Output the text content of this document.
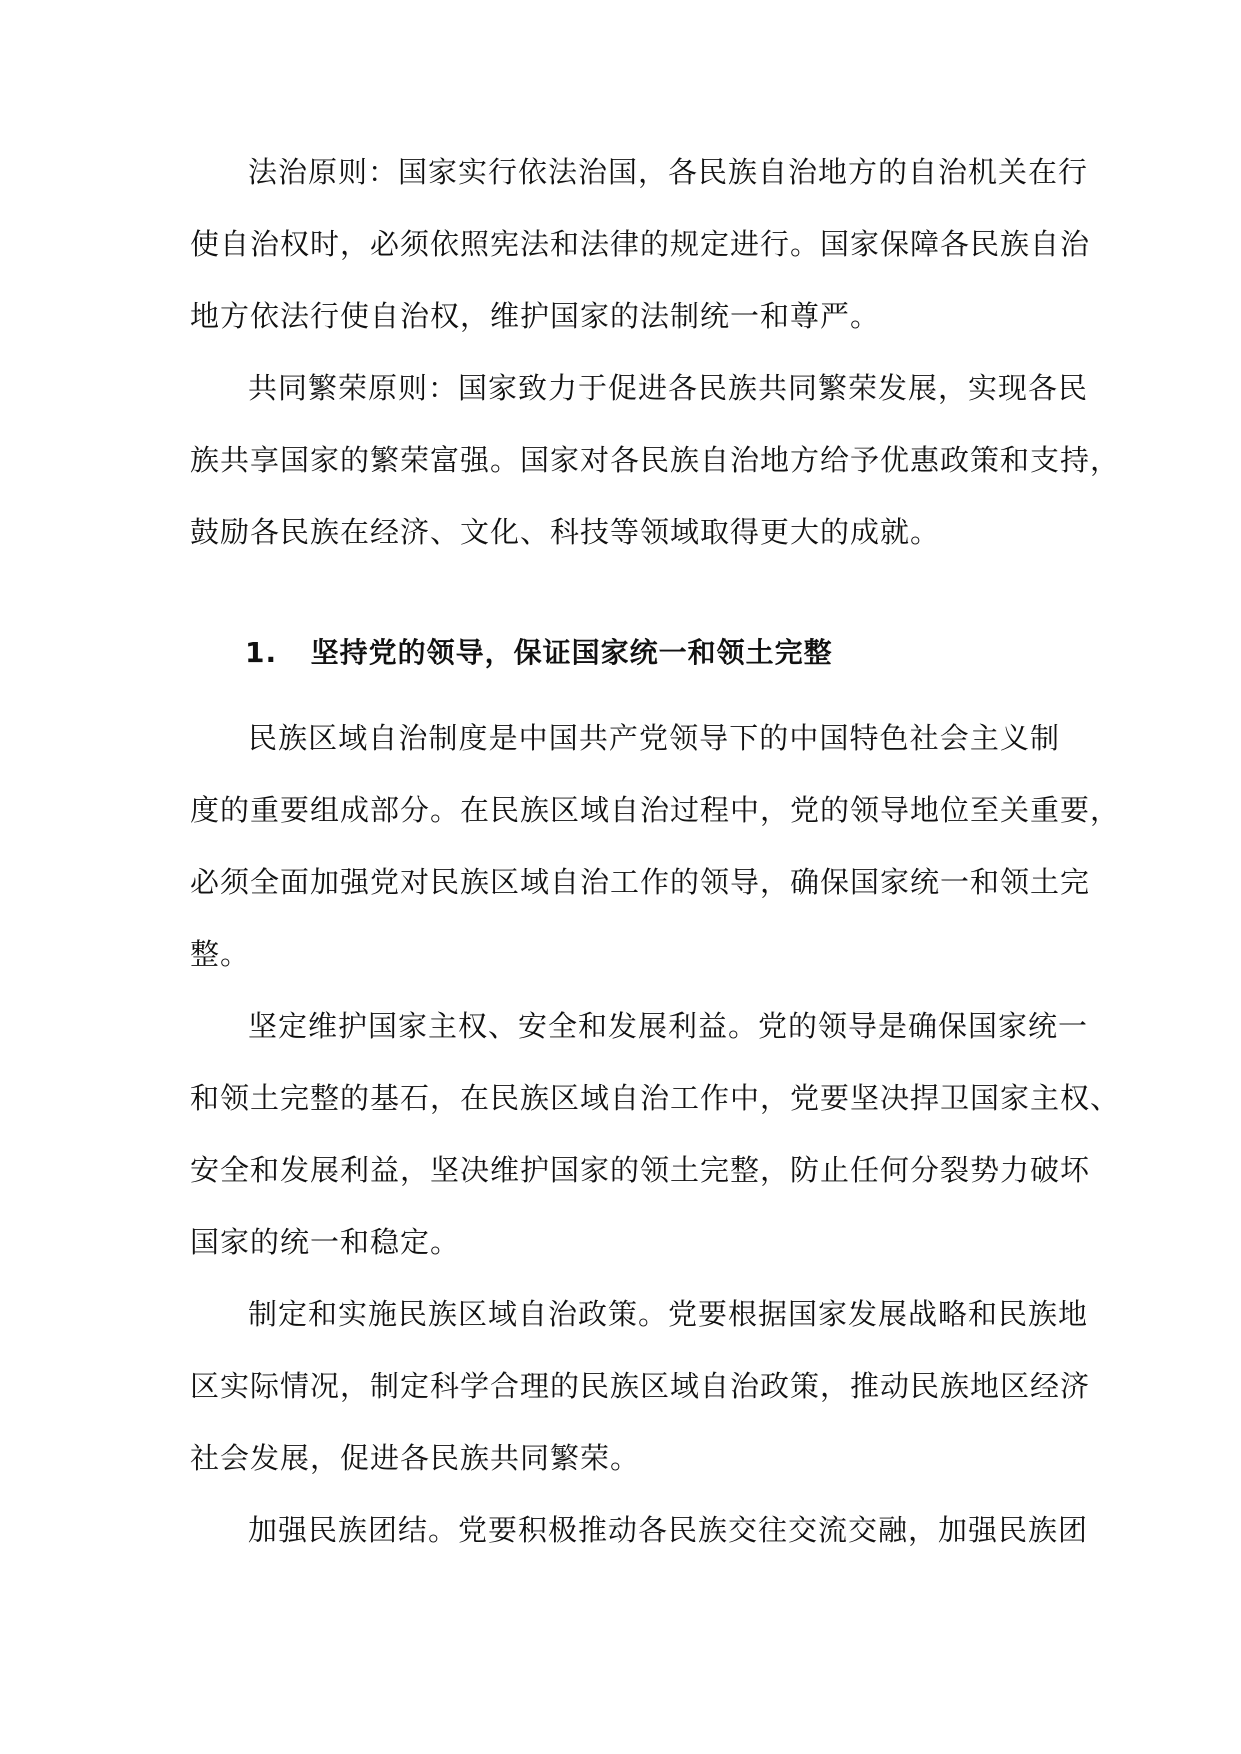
法治原则：国家实行依法治国，各民族自治地方的自治机关在行
使自治权时，必须依照宪法和法律的规定进行。国家保障各民族自治
地方依法行使自治权，维护国家的法制统一和尊严。
共同繁荣原则：国家致力于促进各民族共同繁荣发展，实现各民
族共享国家的繁荣富强。国家对各民族自治地方给予优惠政策和支持，
鼓励各民族在经济、文化、科技等领域取得更大的成就。
1. 坚持党的领导，保证国家统一和领土完整
民族区域自治制度是中国共产党领导下的中国特色社会主义制
度的重要组成部分。在民族区域自治过程中，党的领导地位至关重要，
必须全面加强党对民族区域自治工作的领导，确保国家统一和领土完
整。
坚定维护国家主权、安全和发展利益。党的领导是确保国家统一
和领土完整的基石，在民族区域自治工作中，党要坚决捍卫国家主权、
安全和发展利益，坚决维护国家的领土完整，防止任何分裂势力破坏
国家的统一和稳定。
制定和实施民族区域自治政策。党要根据国家发展战略和民族地
区实际情况，制定科学合理的民族区域自治政策，推动民族地区经济
社会发展，促进各民族共同繁荣。
加强民族团结。党要积极推动各民族交往交流交融，加强民族团
